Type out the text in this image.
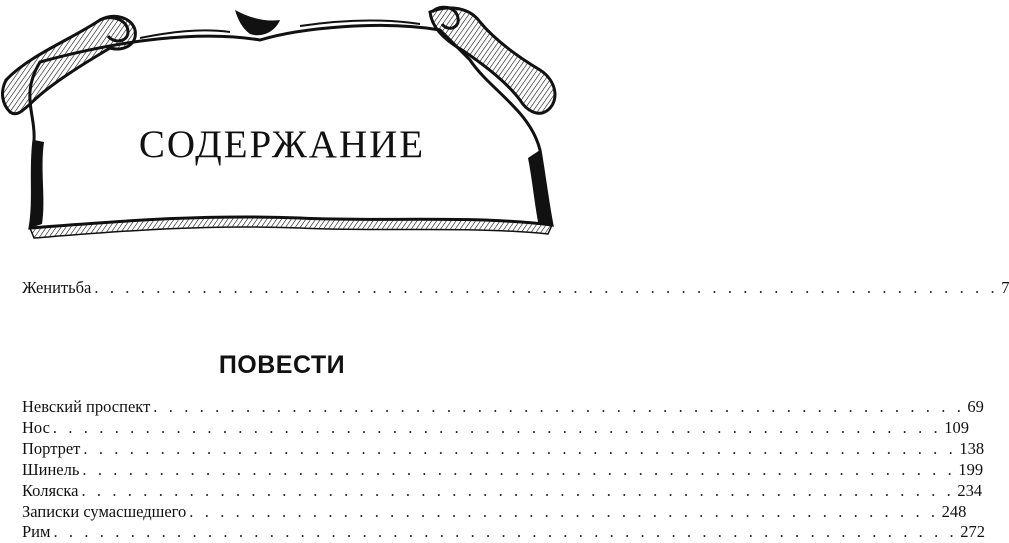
СОДЕРЖАНИЕ
Женитьба . . . . . . . . . . . . . . . . . . . . . . . . . . . . . . . . . . . . . . . . . . . . . . . . . . . . . . . . . . . 7
ПОВЕСТИ
Невский проспект . . . . . . . . . . . . . . . . . . . . . . . . . . . . . . . . . . . . . . . . . . . . . . . . . . . . . 69
Нос . . . . . . . . . . . . . . . . . . . . . . . . . . . . . . . . . . . . . . . . . . . . . . . . . . . . . . . . . . 109
Портрет . . . . . . . . . . . . . . . . . . . . . . . . . . . . . . . . . . . . . . . . . . . . . . . . . . . . . . . . . 138
Шинель . . . . . . . . . . . . . . . . . . . . . . . . . . . . . . . . . . . . . . . . . . . . . . . . . . . . . . . . . 199
Коляска . . . . . . . . . . . . . . . . . . . . . . . . . . . . . . . . . . . . . . . . . . . . . . . . . . . . . . . . . 234
Записки сумасшедшего . . . . . . . . . . . . . . . . . . . . . . . . . . . . . . . . . . . . . . . . . . . . . . . . . 248
Рим . . . . . . . . . . . . . . . . . . . . . . . . . . . . . . . . . . . . . . . . . . . . . . . . . . . . . . . . . . . 272
